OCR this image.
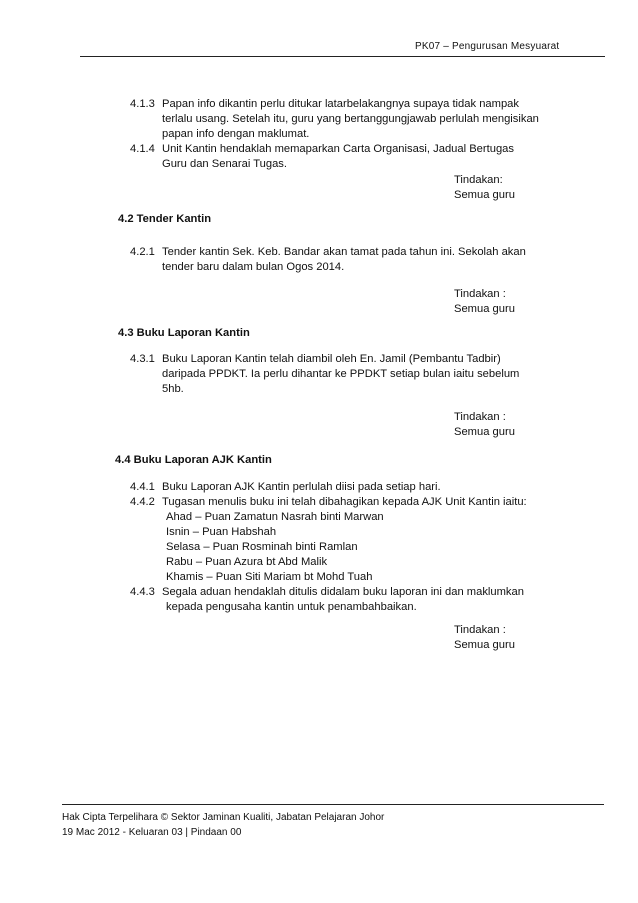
PK07 – Pengurusan Mesyuarat
4.1.3 Papan info dikantin perlu ditukar latarbelakangnya supaya tidak nampak
terlalu usang. Setelah itu, guru yang bertanggungjawab perlulah mengisikan
papan info dengan maklumat.
4.1.4 Unit Kantin hendaklah memaparkan Carta Organisasi, Jadual Bertugas
Guru dan Senarai Tugas.
Tindakan:
Semua guru
4.2 Tender Kantin
4.2.1 Tender kantin Sek. Keb. Bandar akan tamat pada tahun ini. Sekolah akan
tender baru dalam bulan Ogos 2014.
Tindakan :
Semua guru
4.3 Buku Laporan Kantin
4.3.1 Buku Laporan Kantin telah diambil oleh En. Jamil (Pembantu Tadbir)
daripada PPDKT. Ia perlu dihantar ke PPDKT setiap bulan iaitu sebelum
5hb.
Tindakan :
Semua guru
4.4 Buku Laporan AJK Kantin
4.4.1 Buku Laporan AJK Kantin perlulah diisi pada setiap hari.
4.4.2 Tugasan menulis buku ini telah dibahagikan kepada AJK Unit Kantin iaitu:
Ahad – Puan Zamatun Nasrah binti Marwan
Isnin – Puan Habshah
Selasa – Puan Rosminah binti Ramlan
Rabu – Puan Azura bt Abd Malik
Khamis – Puan Siti Mariam bt Mohd Tuah
4.4.3 Segala aduan hendaklah ditulis didalam buku laporan ini dan maklumkan
kepada pengusaha kantin untuk penambahbaikan.
Tindakan :
Semua guru
Hak Cipta Terpelihara © Sektor Jaminan Kualiti, Jabatan Pelajaran Johor
19 Mac 2012 - Keluaran 03 | Pindaan 00
